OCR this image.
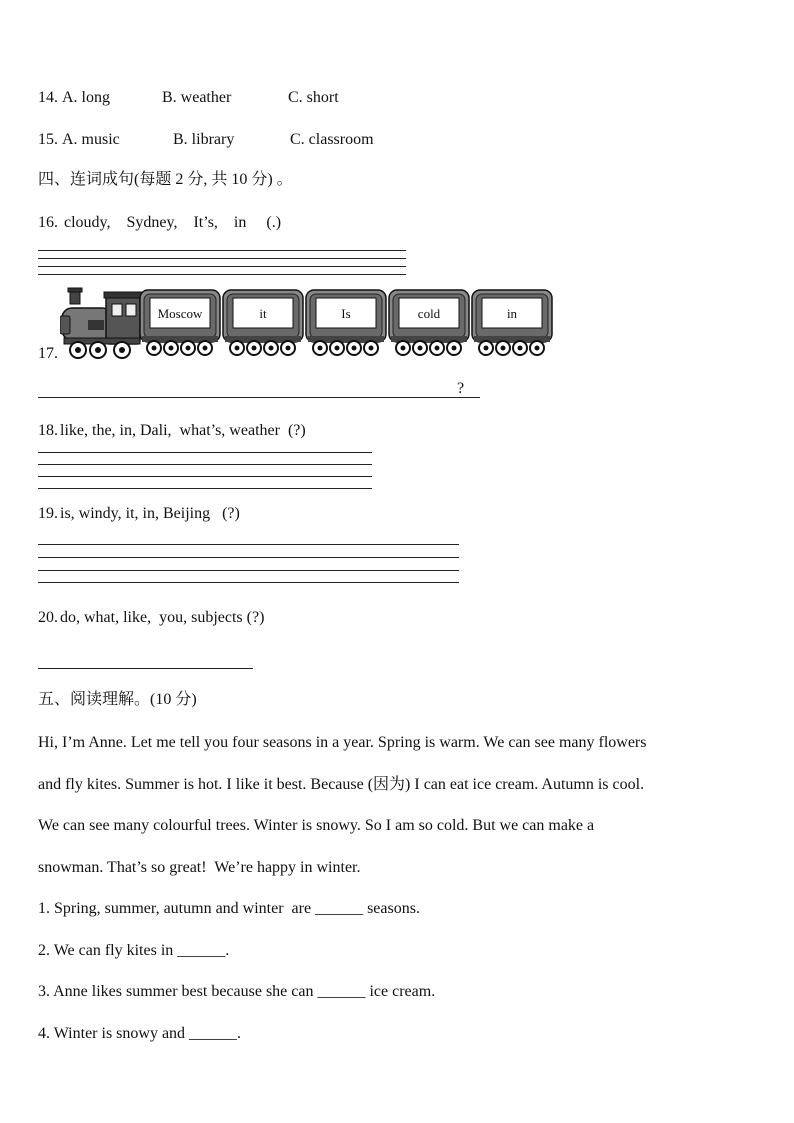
14. A. long	B. weather	C. short
15. A. music	B. library	C. classroom
四、连词成句(每题 2 分, 共 10 分) 。
16. cloudy,    Sydney,    It’s,    in     (.)
17.
Moscow	it	Is	cold	in
?
18. like, the, in, Dali,  what’s, weather  (?)
19. is, windy, it, in, Beijing   (?)
20. do, what, like,  you, subjects (?)
五、阅读理解。(10 分)
Hi, I’m Anne. Let me tell you four seasons in a year. Spring is warm. We can see many flowers
and fly kites. Summer is hot. I like it best. Because (因为) I can eat ice cream. Autumn is cool.
We can see many colourful trees. Winter is snowy. So I am so cold. But we can make a
snowman. That’s so great!  We’re happy in winter.
1. Spring, summer, autumn and winter  are ______ seasons.
2. We can fly kites in ______.
3. Anne likes summer best because she can ______ ice cream.
4. Winter is snowy and ______.
